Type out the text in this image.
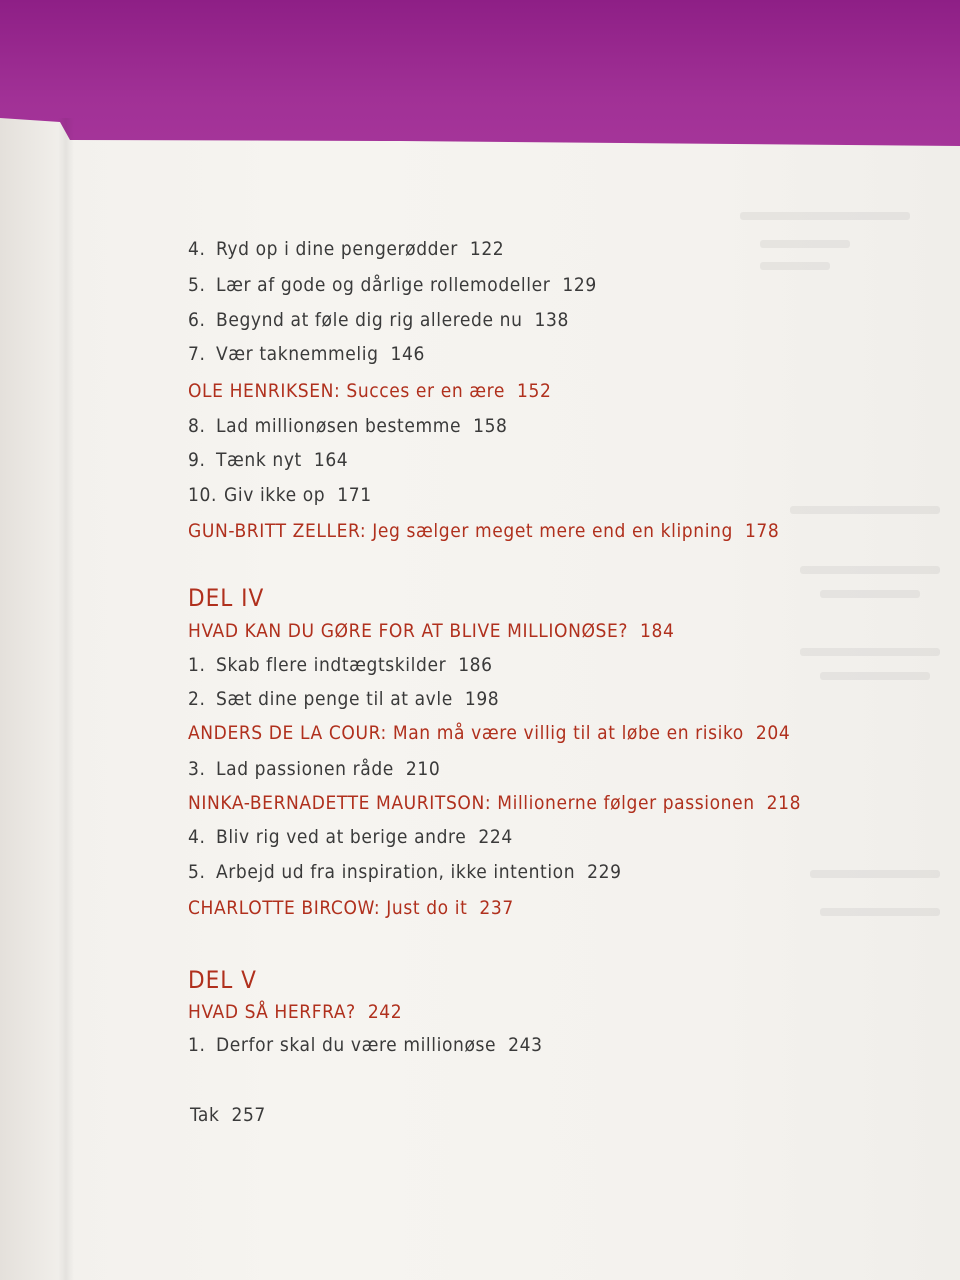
4. Ryd op i dine pengerødder 122
5. Lær af gode og dårlige rollemodeller 129
6. Begynd at føle dig rig allerede nu 138
7. Vær taknemmelig 146
OLE HENRIKSEN: Succes er en ære 152
8. Lad millionøsen bestemme 158
9. Tænk nyt 164
10. Giv ikke op 171
GUN-BRITT ZELLER: Jeg sælger meget mere end en klipning 178
DEL IV
HVAD KAN DU GØRE FOR AT BLIVE MILLIONØSE? 184
1. Skab flere indtægtskilder 186
2. Sæt dine penge til at avle 198
ANDERS DE LA COUR: Man må være villig til at løbe en risiko 204
3. Lad passionen råde 210
NINKA-BERNADETTE MAURITSON: Millionerne følger passionen 218
4. Bliv rig ved at berige andre 224
5. Arbejd ud fra inspiration, ikke intention 229
CHARLOTTE BIRCOW: Just do it 237
DEL V
HVAD SÅ HERFRA? 242
1. Derfor skal du være millionøse 243
Tak 257
